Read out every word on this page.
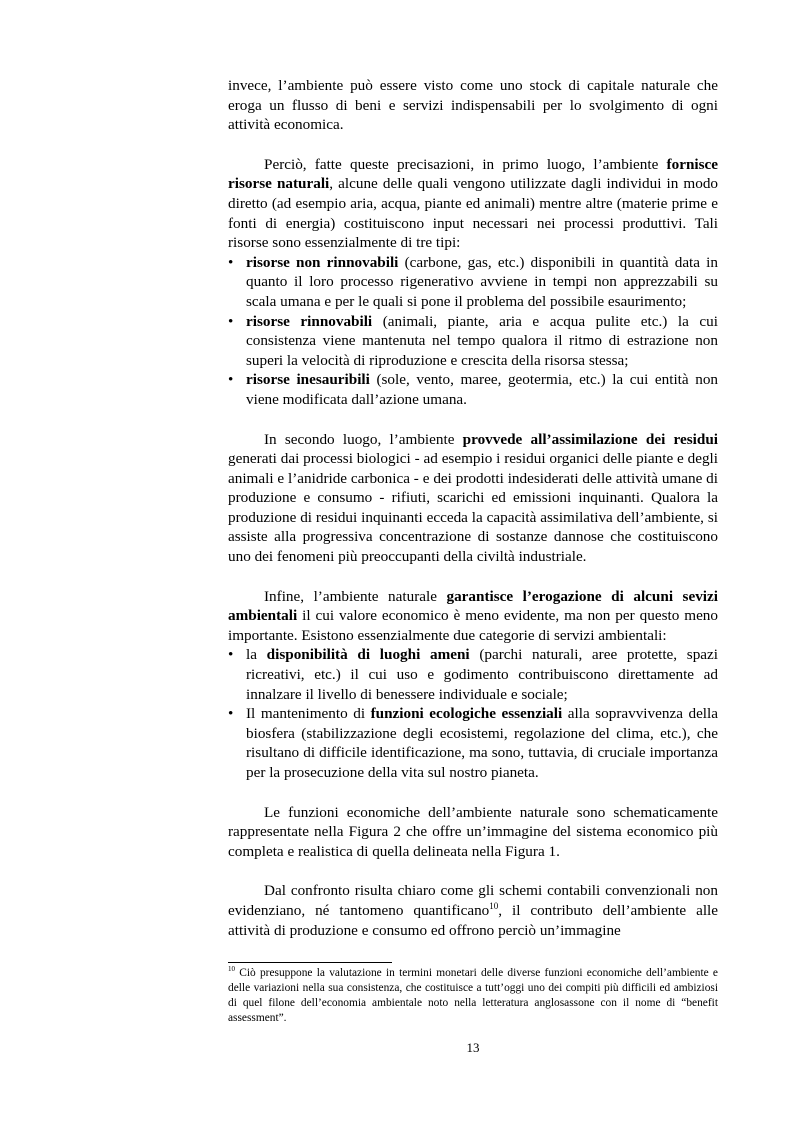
invece, l’ambiente può essere visto come uno stock di capitale naturale che eroga un flusso di beni e servizi indispensabili per lo svolgimento di ogni attività economica.

Perciò, fatte queste precisazioni, in primo luogo, l’ambiente fornisce risorse naturali, alcune delle quali vengono utilizzate dagli individui in modo diretto (ad esempio aria, acqua, piante ed animali) mentre altre (materie prime e fonti di energia) costituiscono input necessari nei processi produttivi. Tali risorse sono essenzialmente di tre tipi:

• risorse non rinnovabili (carbone, gas, etc.) disponibili in quantità data in quanto il loro processo rigenerativo avviene in tempi non apprezzabili su scala umana e per le quali si pone il problema del possibile esaurimento;
• risorse rinnovabili (animali, piante, aria e acqua pulite etc.) la cui consistenza viene mantenuta nel tempo qualora il ritmo di estrazione non superi la velocità di riproduzione e crescita della risorsa stessa;
• risorse inesauribili (sole, vento, maree, geotermia, etc.) la cui entità non viene modificata dall’azione umana.

In secondo luogo, l’ambiente provvede all’assimilazione dei residui generati dai processi biologici - ad esempio i residui organici delle piante e degli animali e l’anidride carbonica - e dei prodotti indesiderati delle attività umane di produzione e consumo - rifiuti, scarichi ed emissioni inquinanti. Qualora la produzione di residui inquinanti ecceda la capacità assimilativa dell’ambiente, si assiste alla progressiva concentrazione di sostanze dannose che costituiscono uno dei fenomeni più preoccupanti della civiltà industriale.

Infine, l’ambiente naturale garantisce l’erogazione di alcuni sevizi ambientali il cui valore economico è meno evidente, ma non per questo meno importante. Esistono essenzialmente due categorie di servizi ambientali:

• la disponibilità di luoghi ameni (parchi naturali, aree protette, spazi ricreativi, etc.) il cui uso e godimento contribuiscono direttamente ad innalzare il livello di benessere individuale e sociale;
• Il mantenimento di funzioni ecologiche essenziali alla sopravvivenza della biosfera (stabilizzazione degli ecosistemi, regolazione del clima, etc.), che risultano di difficile identificazione, ma sono, tuttavia, di cruciale importanza per la prosecuzione della vita sul nostro pianeta.

Le funzioni economiche dell’ambiente naturale sono schematicamente rappresentate nella Figura 2 che offre un’immagine del sistema economico più completa e realistica di quella delineata nella Figura 1.

Dal confronto risulta chiaro come gli schemi contabili convenzionali non evidenziano, né tantomeno quantificano$^{10}$, il contributo dell’ambiente alle attività di produzione e consumo ed offrono perciò un’immagine

$^{10}$ Ciò presuppone la valutazione in termini monetari delle diverse funzioni economiche dell’ambiente e delle variazioni nella sua consistenza, che costituisce a tutt’oggi uno dei compiti più difficili ed ambiziosi di quel filone dell’economia ambientale noto nella letteratura anglosassone con il nome di “benefit assessment”.
13
